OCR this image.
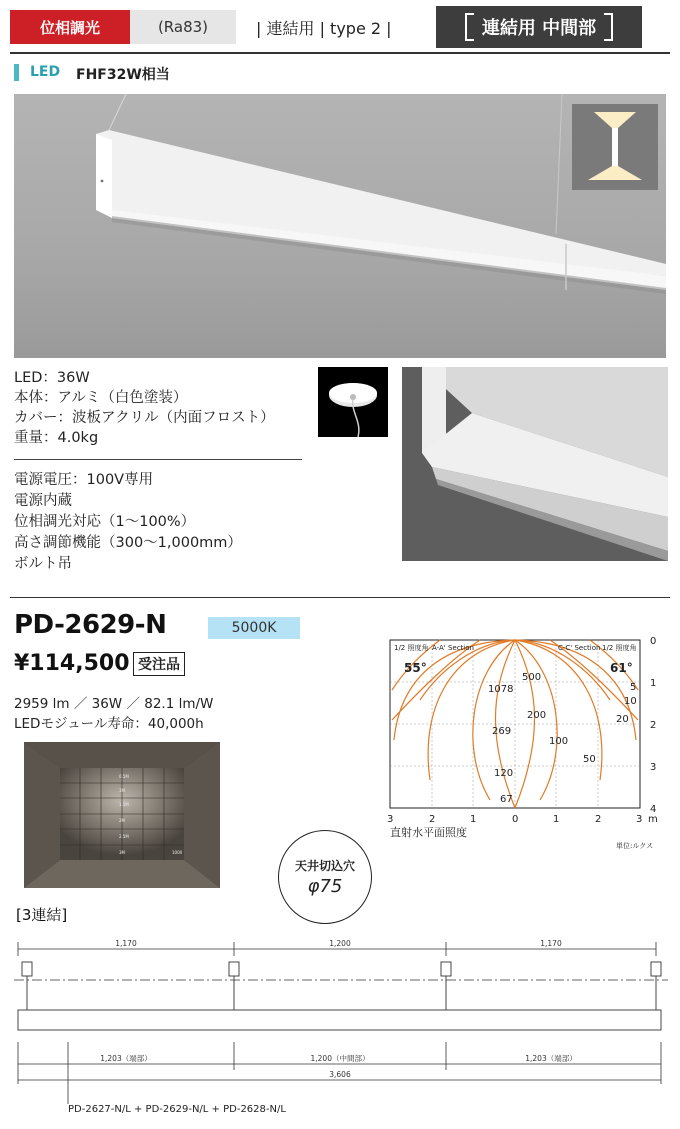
位相調光	(Ra83)	| 連結用 | type 2 |	連結用 中間部
LED FHF32W相当
LED：36W
本体：アルミ（白色塗装）
カバー：波板アクリル（内面フロスト）
重量：4.0kg
電源電圧：100V専用
電源内蔵
位相調光対応（1～100%）
高さ調節機能（300～1,000mm）
ボルト吊
PD-2629-N	5000K
¥114,500 受注品
2959 lm ／ 36W ／ 82.1 lm/W
LEDモジュール寿命：40,000h
0.5M
1M
1.5M
2M
2.5M
3M	1000
天井切込穴
φ75
1/2 照度角 A-A' Section	C-C' Section 1/2 照度角
55°	61°
500
1078
200
269
100
50
120
67
5
10
20
0
1
2
3
4
3	2	1	0	1	2	3 m
直射水平面照度
単位:ルクス
[3連結]
1,170	1,200	1,170
1,203（端部）	1,200（中間部）	1,203（端部）
3,606
PD-2627-N/L + PD-2629-N/L + PD-2628-N/L
